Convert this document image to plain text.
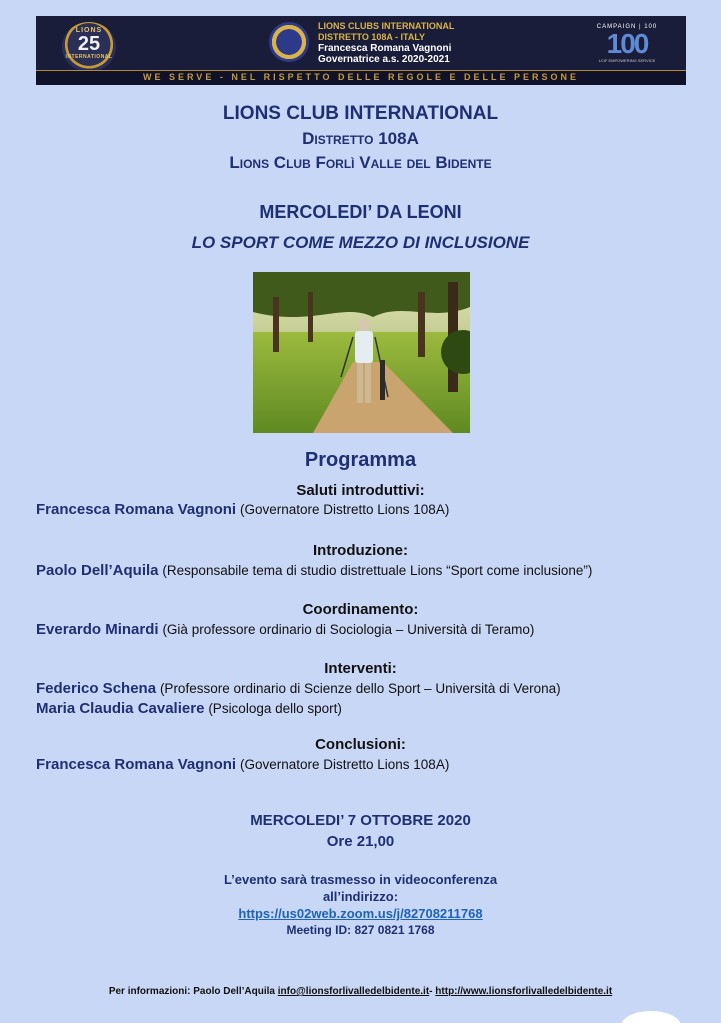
LIONS
25
INTERNATIONAL
LIONS CLUBS INTERNATIONAL
DISTRETTO 108A - ITALY
Francesca Romana Vagnoni
Governatrice a.s. 2020-2021
CAMPAIGN | 100
100
LCIF EMPOWERING SERVICE
WE SERVE - NEL RISPETTO DELLE REGOLE E DELLE PERSONE
LIONS CLUB INTERNATIONAL
Distretto 108A
Lions Club Forlì Valle del Bidente
MERCOLEDI’ DA LEONI
LO SPORT COME MEZZO DI INCLUSIONE
Programma
Saluti introduttivi:
Francesca Romana Vagnoni (Governatore Distretto Lions 108A)
Introduzione:
Paolo Dell’Aquila (Responsabile tema di studio distrettuale Lions “Sport come inclusione”)
Coordinamento:
Everardo Minardi (Già professore ordinario di Sociologia – Università di Teramo)
Interventi:
Federico Schena (Professore ordinario di Scienze dello Sport – Università di Verona)
Maria Claudia Cavaliere (Psicologa dello sport)
Conclusioni:
Francesca Romana Vagnoni (Governatore Distretto Lions 108A)
MERCOLEDI’ 7 OTTOBRE 2020
Ore 21,00
L’evento sarà trasmesso in videoconferenza
all’indirizzo:
https://us02web.zoom.us/j/82708211768
Meeting ID: 827 0821 1768
Per informazioni: Paolo Dell’Aquila info@lionsforlivalledelbidente.it- http://www.lionsforlivalledelbidente.it
